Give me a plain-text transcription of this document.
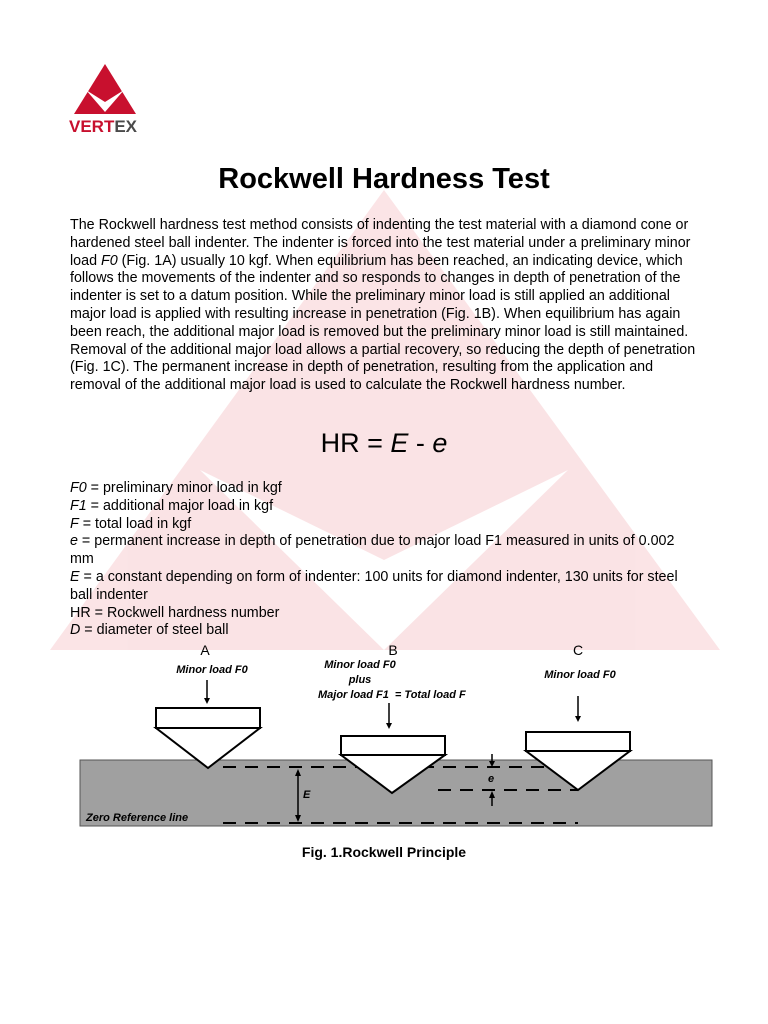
VERTEX
Rockwell Hardness Test

The Rockwell hardness test method consists of indenting the test material with a diamond cone or hardened steel ball indenter. The indenter is forced into the test material under a preliminary minor load F0 (Fig. 1A) usually 10 kgf. When equilibrium has been reached, an indicating device, which follows the movements of the indenter and so responds to changes in depth of penetration of the indenter is set to a datum position. While the preliminary minor load is still applied an additional major load is applied with resulting increase in penetration (Fig. 1B). When equilibrium has again been reach, the additional major load is removed but the preliminary minor load is still maintained. Removal of the additional major load allows a partial recovery, so reducing the depth of penetration (Fig. 1C). The permanent increase in depth of penetration, resulting from the application and removal of the additional major load is used to calculate the Rockwell hardness number.

HR = E - e

F0 = preliminary minor load in kgf
F1 = additional major load in kgf
F = total load in kgf
e = permanent increase in depth of penetration due to major load F1 measured in units of 0.002 mm
E = a constant depending on form of indenter: 100 units for diamond indenter, 130 units for steel ball indenter
HR = Rockwell hardness number
D = diameter of steel ball
A
Minor load F0
B
Minor load F0
plus
Major load F1 = Total load F
C
Minor load F0
E
e
Zero Reference line

Fig. 1.Rockwell Principle
